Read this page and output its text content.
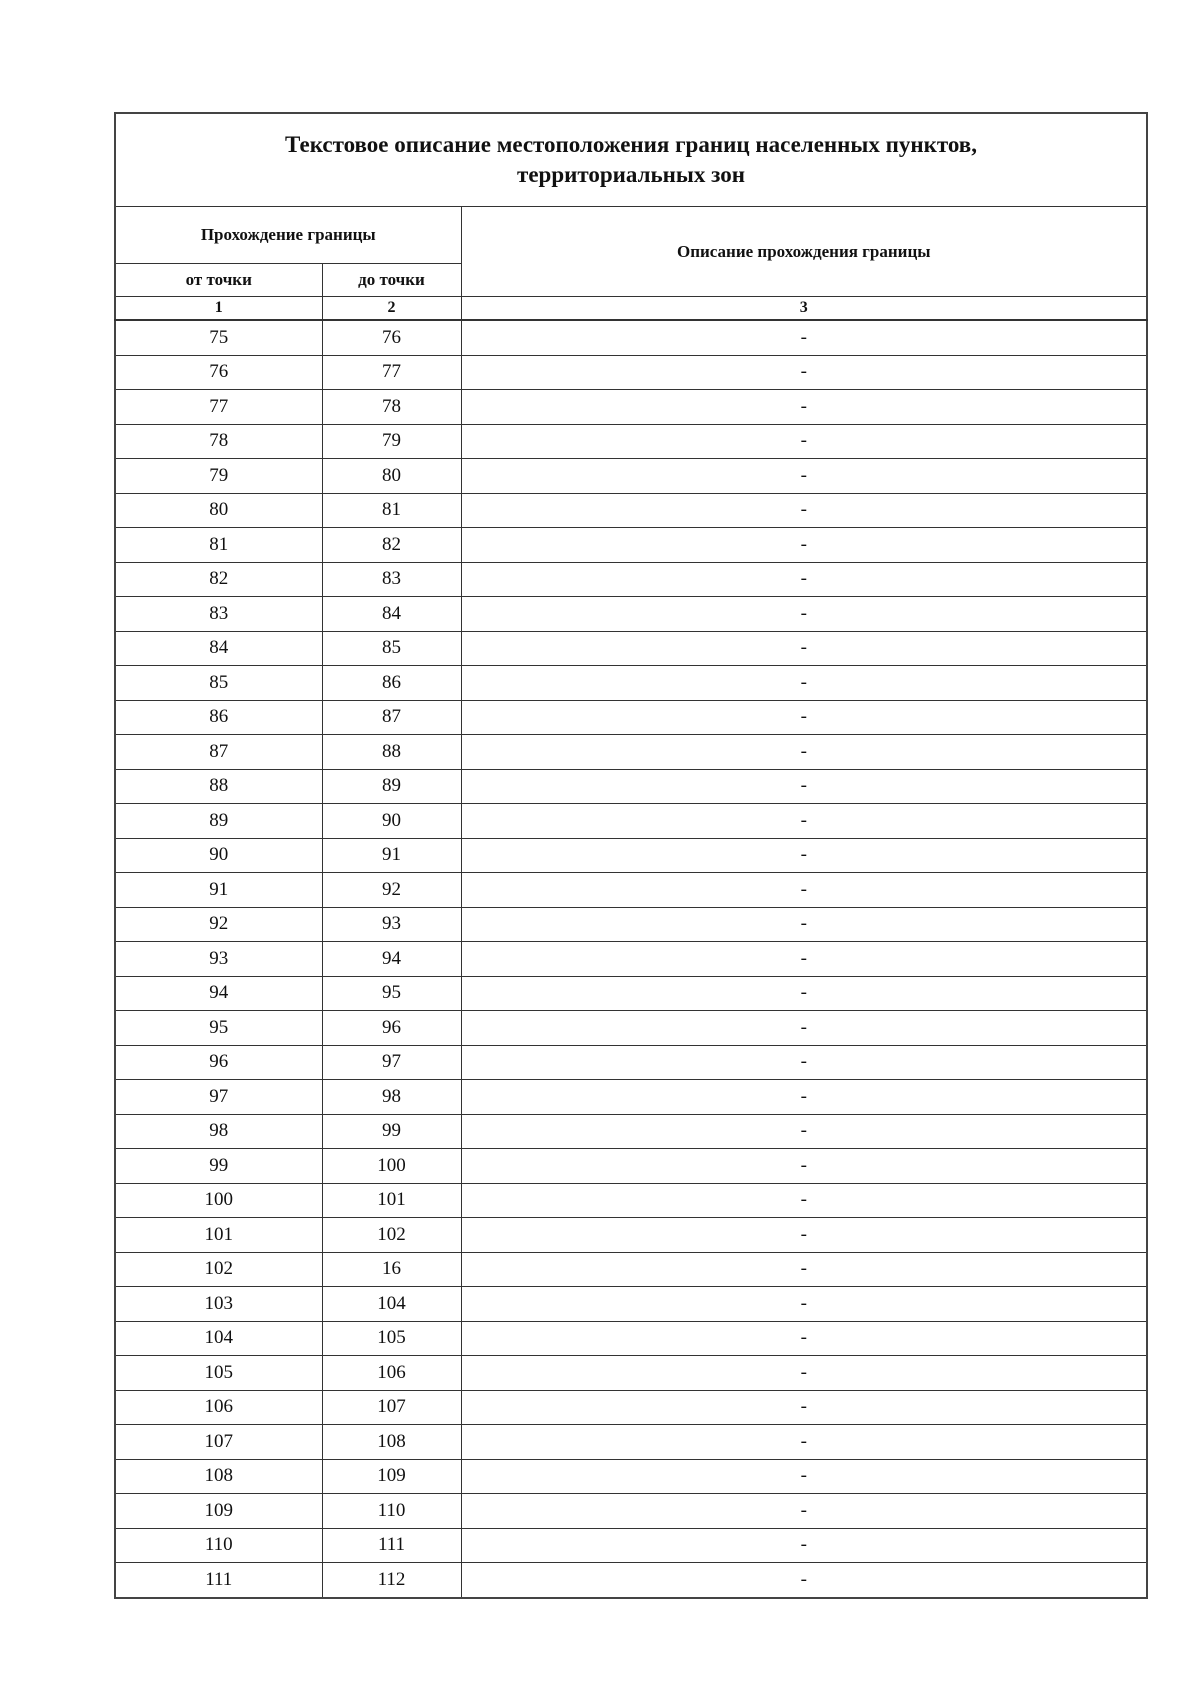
Текстовое описание местоположения границ населенных пунктов,
территориальных зон		

Прохождение границы		Описание прохождения границы
от точки	до точки	
1	2	3
75	76	-
76	77	-
77	78	-
78	79	-
79	80	-
80	81	-
81	82	-
82	83	-
83	84	-
84	85	-
85	86	-
86	87	-
87	88	-
88	89	-
89	90	-
90	91	-
91	92	-
92	93	-
93	94	-
94	95	-
95	96	-
96	97	-
97	98	-
98	99	-
99	100	-
100	101	-
101	102	-
102	16	-
103	104	-
104	105	-
105	106	-
106	107	-
107	108	-
108	109	-
109	110	-
110	111	-
111	112	-
